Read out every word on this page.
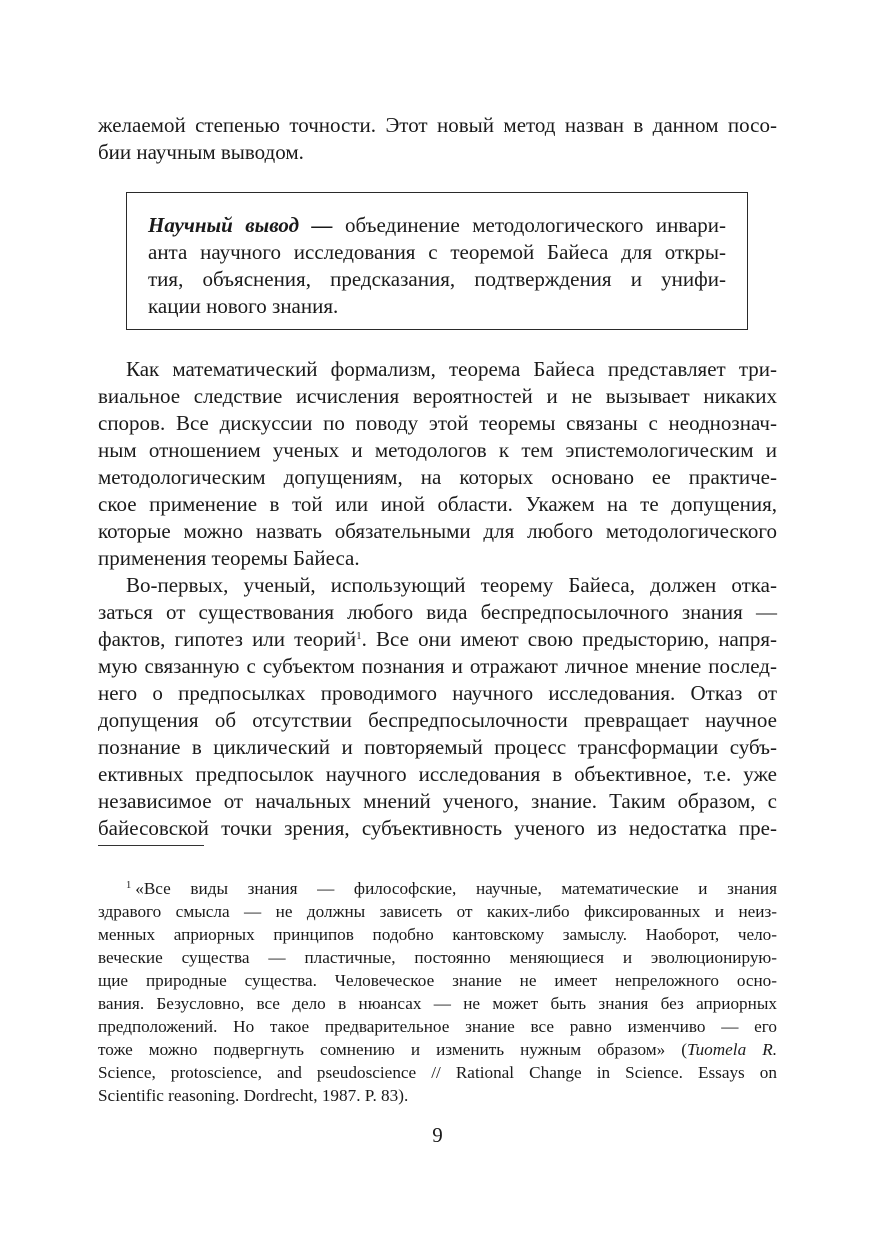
желаемой степенью точности. Этот новый метод назван в данном посо-
бии научным выводом.
Научный вывод — объединение методологического инвари-
анта научного исследования с теоремой Байеса для откры-
тия, объяснения, предсказания, подтверждения и унифи-
кации нового знания.
Как математический формализм, теорема Байеса представляет три-
виальное следствие исчисления вероятностей и не вызывает никаких
споров. Все дискуссии по поводу этой теоремы связаны с неоднознач-
ным отношением ученых и методологов к тем эпистемологическим и
методологическим допущениям, на которых основано ее практиче-
ское применение в той или иной области. Укажем на те допущения,
которые можно назвать обязательными для любого методологического
применения теоремы Байеса.
Во-первых, ученый, использующий теорему Байеса, должен отка-
заться от существования любого вида беспредпосылочного знания —
фактов, гипотез или теорий$^1$. Все они имеют свою предысторию, напря-
мую связанную с субъектом познания и отражают личное мнение послед-
него о предпосылках проводимого научного исследования. Отказ от
допущения об отсутствии беспредпосылочности превращает научное
познание в циклический и повторяемый процесс трансформации субъ-
ективных предпосылок научного исследования в объективное, т.е. уже
независимое от начальных мнений ученого, знание. Таким образом, с
байесовской точки зрения, субъективность ученого из недостатка пре-
$^1$ «Все виды знания — философские, научные, математические и знания
здравого смысла — не должны зависеть от каких-либо фиксированных и неиз-
менных априорных принципов подобно кантовскому замыслу. Наоборот, чело-
веческие существа — пластичные, постоянно меняющиеся и эволюционирую-
щие природные существа. Человеческое знание не имеет непреложного осно-
вания. Безусловно, все дело в нюансах — не может быть знания без априорных
предположений. Но такое предварительное знание все равно изменчиво — его
тоже можно подвергнуть сомнению и изменить нужным образом» (Tuomela R.
Science, protoscience, and pseudoscience // Rational Change in Science. Essays on
Scientific reasoning. Dordrecht, 1987. P. 83).
9
